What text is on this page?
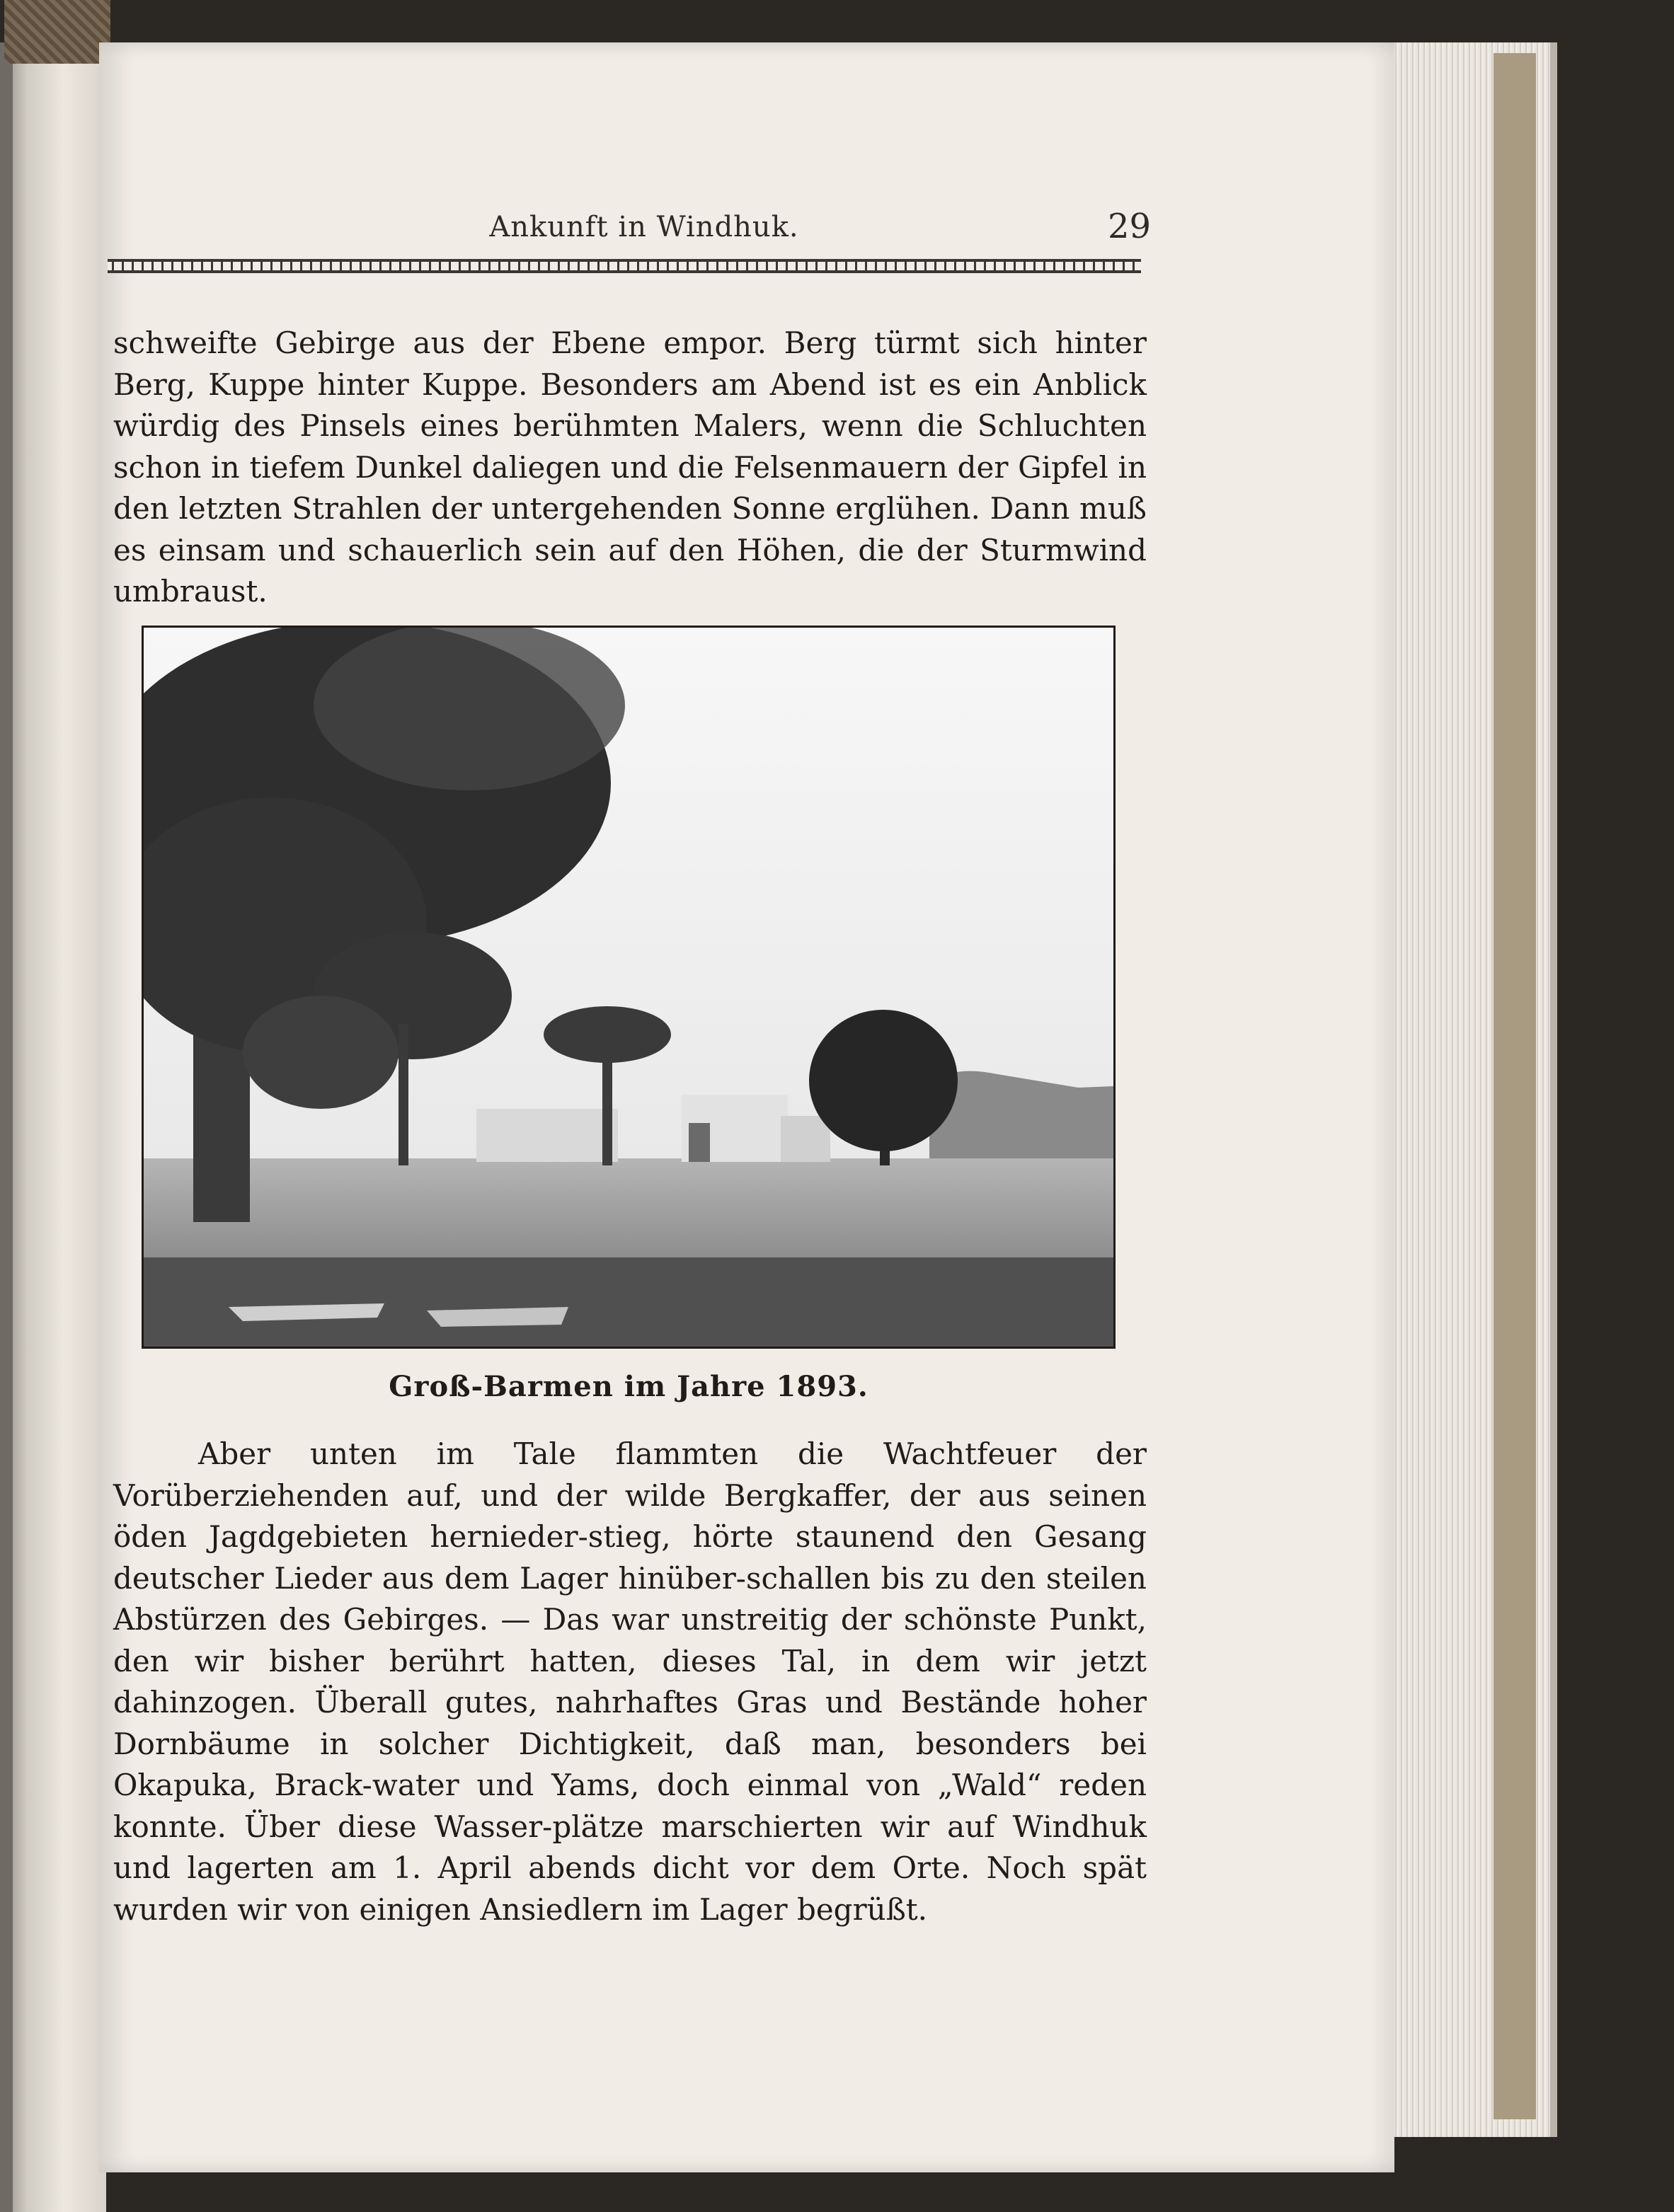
Ankunft in Windhuk.	29

schweifte Gebirge aus der Ebene empor. Berg türmt sich hinter Berg, Kuppe hinter Kuppe. Besonders am Abend ist es ein Anblick würdig des Pinsels eines berühmten Malers, wenn die Schluchten schon in tiefem Dunkel daliegen und die Felsenmauern der Gipfel in den letzten Strahlen der untergehenden Sonne erglühen. Dann muß es einsam und schauerlich sein auf den Höhen, die der Sturmwind umbraust.

Groß-Barmen im Jahre 1893.

Aber unten im Tale flammten die Wachtfeuer der Vorüberziehenden auf, und der wilde Bergkaffer, der aus seinen öden Jagdgebieten hernieder-stieg, hörte staunend den Gesang deutscher Lieder aus dem Lager hinüber-schallen bis zu den steilen Abstürzen des Gebirges. — Das war unstreitig der schönste Punkt, den wir bisher berührt hatten, dieses Tal, in dem wir jetzt dahinzogen. Überall gutes, nahrhaftes Gras und Bestände hoher Dornbäume in solcher Dichtigkeit, daß man, besonders bei Okapuka, Brack-water und Yams, doch einmal von „Wald“ reden konnte. Über diese Wasser-plätze marschierten wir auf Windhuk und lagerten am 1. April abends dicht vor dem Orte. Noch spät wurden wir von einigen Ansiedlern im Lager begrüßt.
